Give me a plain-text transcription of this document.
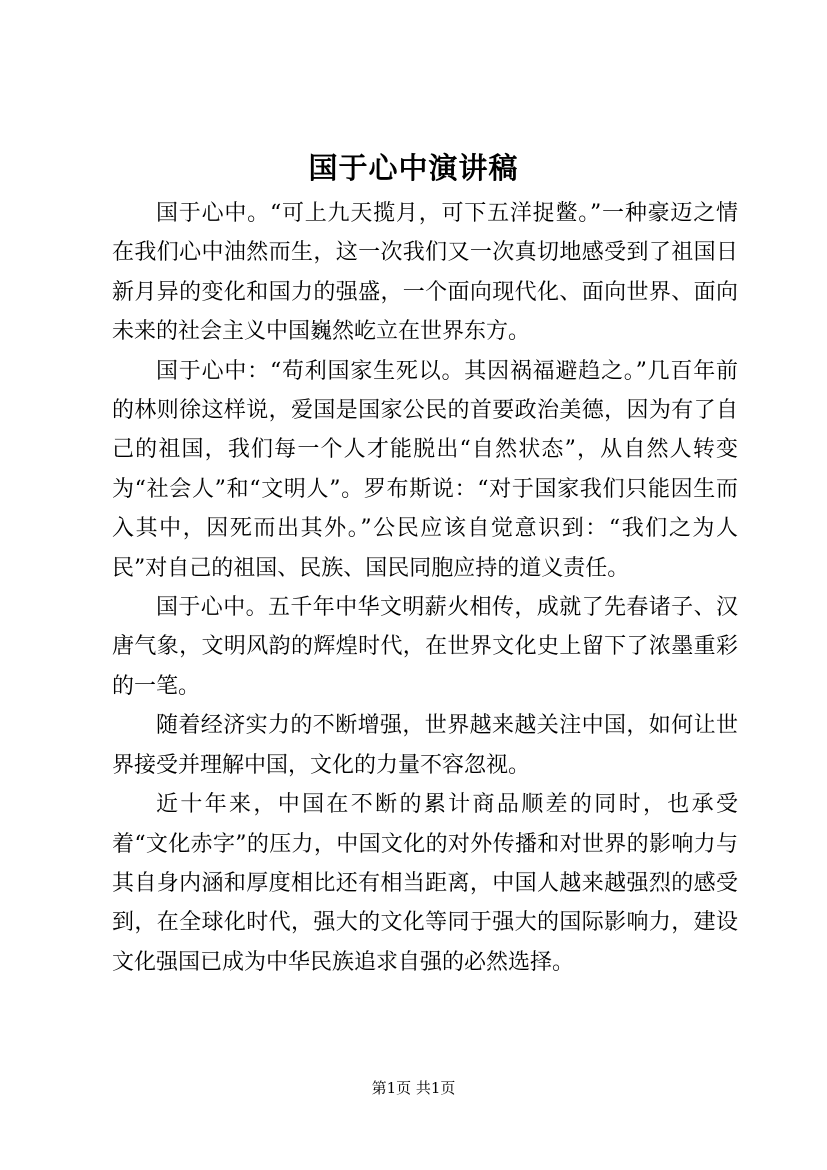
国于心中演讲稿

国于心中。“可上九天揽月，可下五洋捉鳖。”一种豪迈之情在我们心中油然而生，这一次我们又一次真切地感受到了祖国日新月异的变化和国力的强盛，一个面向现代化、面向世界、面向未来的社会主义中国巍然屹立在世界东方。

国于心中：“苟利国家生死以。其因祸福避趋之。”几百年前的林则徐这样说，爱国是国家公民的首要政治美德，因为有了自己的祖国，我们每一个人才能脱出“自然状态”，从自然人转变为“社会人”和“文明人”。罗布斯说：“对于国家我们只能因生而入其中，因死而出其外。”公民应该自觉意识到：“我们之为人民”对自己的祖国、民族、国民同胞应持的道义责任。

国于心中。五千年中华文明薪火相传，成就了先春诸子、汉唐气象，文明风韵的辉煌时代，在世界文化史上留下了浓墨重彩的一笔。

随着经济实力的不断增强，世界越来越关注中国，如何让世界接受并理解中国，文化的力量不容忽视。

近十年来，中国在不断的累计商品顺差的同时，也承受着“文化赤字”的压力，中国文化的对外传播和对世界的影响力与其自身内涵和厚度相比还有相当距离，中国人越来越强烈的感受到，在全球化时代，强大的文化等同于强大的国际影响力，建设文化强国已成为中华民族追求自强的必然选择。

第1页 共1页
